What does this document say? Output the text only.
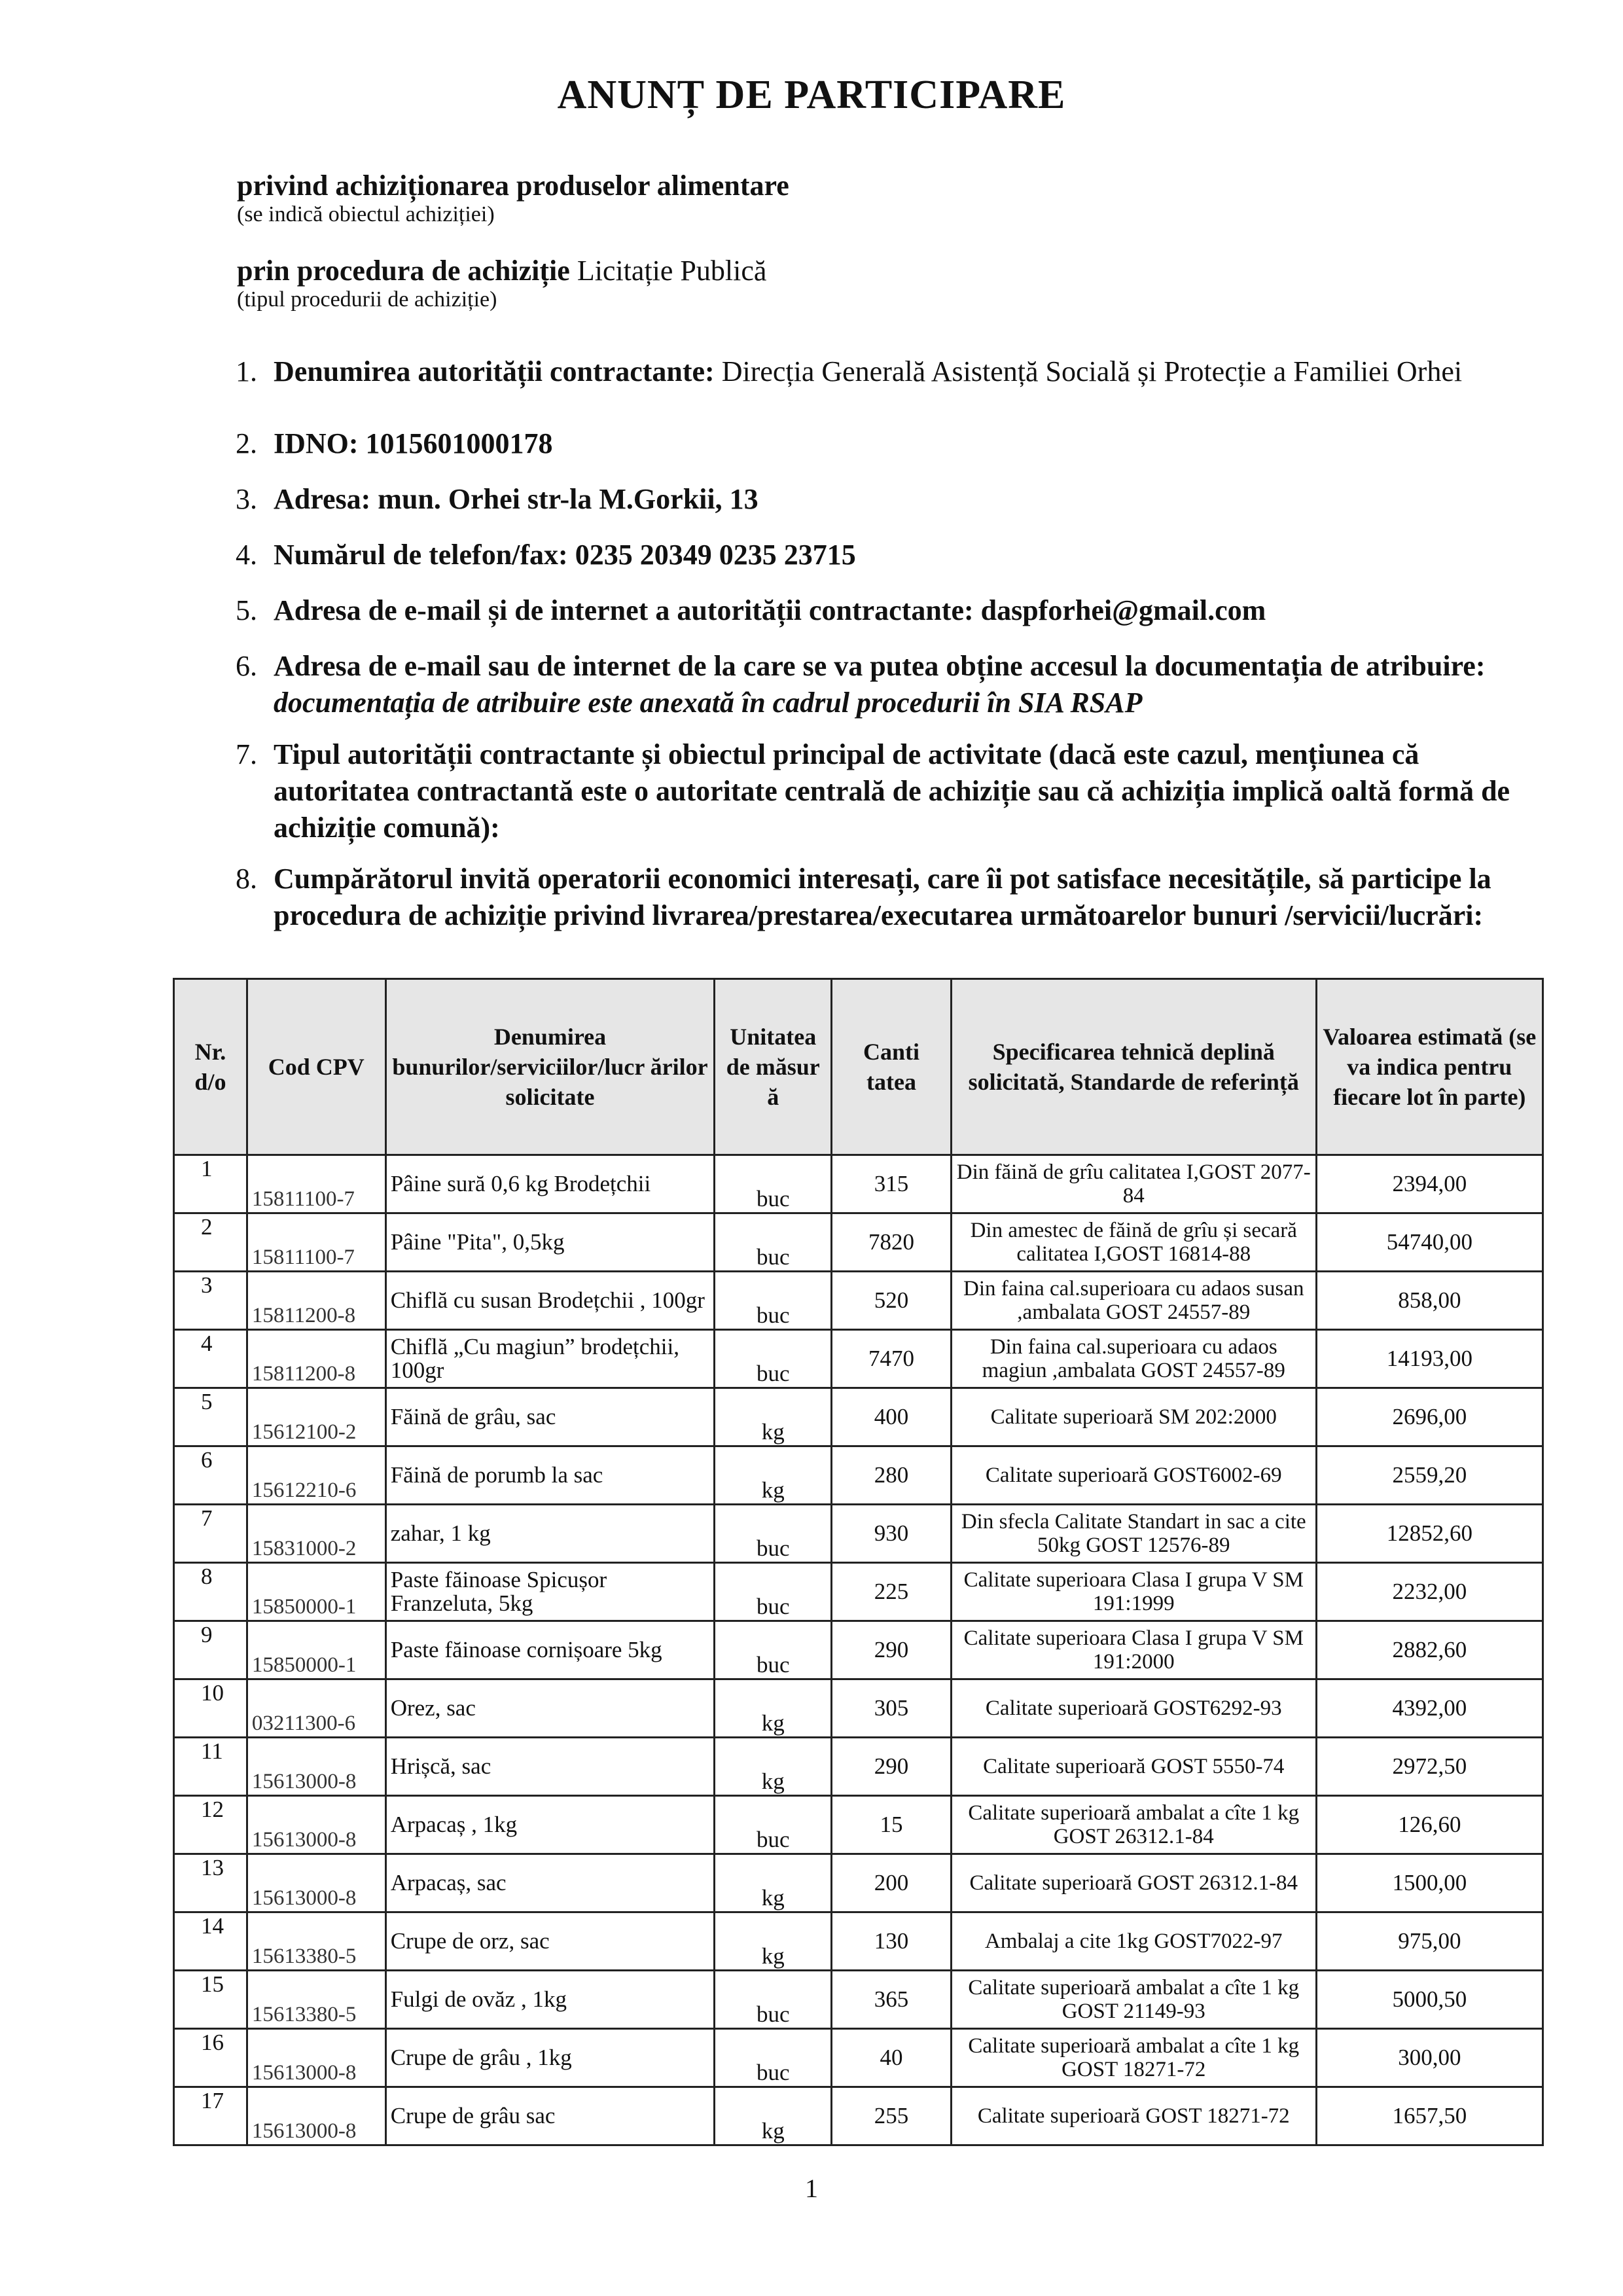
ANUNȚ DE PARTICIPARE
privind achiziționarea produselor alimentare
(se indică obiectul achiziției)
prin procedura de achiziție Licitație Publică
(tipul procedurii de achiziție)
1. Denumirea autorității contractante: Direcția Generală Asistență Socială și Protecție a Familiei Orhei
2. IDNO: 1015601000178
3. Adresa: mun. Orhei str-la M.Gorkii, 13
4. Numărul de telefon/fax: 0235 20349 0235 23715
5. Adresa de e-mail și de internet a autorității contractante: daspforhei@gmail.com
6. Adresa de e-mail sau de internet de la care se va putea obține accesul la documentația de atribuire: documentația de atribuire este anexată în cadrul procedurii în SIA RSAP
7. Tipul autorității contractante și obiectul principal de activitate (dacă este cazul, mențiunea că autoritatea contractantă este o autoritate centrală de achiziție sau că achiziția implică oaltă formă de achiziție comună):
8. Cumpărătorul invită operatorii economici interesați, care îi pot satisface necesitățile, să participe la procedura de achiziție privind livrarea/prestarea/executarea următoarelor bunuri /servicii/lucrări:
Nr. d/o	Cod CPV	Denumirea bunurilor/serviciilor/lucr ărilor solicitate	Unitatea de măsur ă	Canti tatea	Specificarea tehnică deplină solicitată, Standarde de referință	Valoarea estimată (se va indica pentru fiecare lot în parte)
1	15811100-7	Pâine sură 0,6 kg Brodețchii	buc	315	Din făină de grîu calitatea I,GOST 2077-84	2394,00
2	15811100-7	Pâine "Pita", 0,5kg	buc	7820	Din amestec de făină de grîu și secară calitatea I,GOST 16814-88	54740,00
3	15811200-8	Chiflă cu susan Brodețchii , 100gr	buc	520	Din faina cal.superioara cu adaos susan ,ambalata GOST 24557-89	858,00
4	15811200-8	Chiflă „Cu magiun” brodețchii, 100gr	buc	7470	Din faina cal.superioara cu adaos magiun ,ambalata GOST 24557-89	14193,00
5	15612100-2	Făină de grâu, sac	kg	400	Calitate superioară SM 202:2000	2696,00
6	15612210-6	Făină de porumb la sac	kg	280	Calitate superioară GOST6002-69	2559,20
7	15831000-2	zahar, 1 kg	buc	930	Din sfecla Calitate Standart in sac a cite 50kg GOST 12576-89	12852,60
8	15850000-1	Paste făinoase Spicușor Franzeluta, 5kg	buc	225	Calitate superioara Clasa I grupa V SM 191:1999	2232,00
9	15850000-1	Paste făinoase cornișoare 5kg	buc	290	Calitate superioara Clasa I grupa V SM 191:2000	2882,60
10	03211300-6	Orez, sac	kg	305	Calitate superioară GOST6292-93	4392,00
11	15613000-8	Hrișcă, sac	kg	290	Calitate superioară GOST 5550-74	2972,50
12	15613000-8	Arpacaș , 1kg	buc	15	Calitate superioară ambalat a cîte 1 kg GOST 26312.1-84	126,60
13	15613000-8	Arpacaș, sac	kg	200	Calitate superioară GOST 26312.1-84	1500,00
14	15613380-5	Crupe de orz, sac	kg	130	Ambalaj a cite 1kg GOST7022-97	975,00
15	15613380-5	Fulgi de ovăz , 1kg	buc	365	Calitate superioară ambalat a cîte 1 kg GOST 21149-93	5000,50
16	15613000-8	Crupe de grâu , 1kg	buc	40	Calitate superioară ambalat a cîte 1 kg GOST 18271-72	300,00
17	15613000-8	Crupe de grâu sac	kg	255	Calitate superioară GOST 18271-72	1657,50
1
